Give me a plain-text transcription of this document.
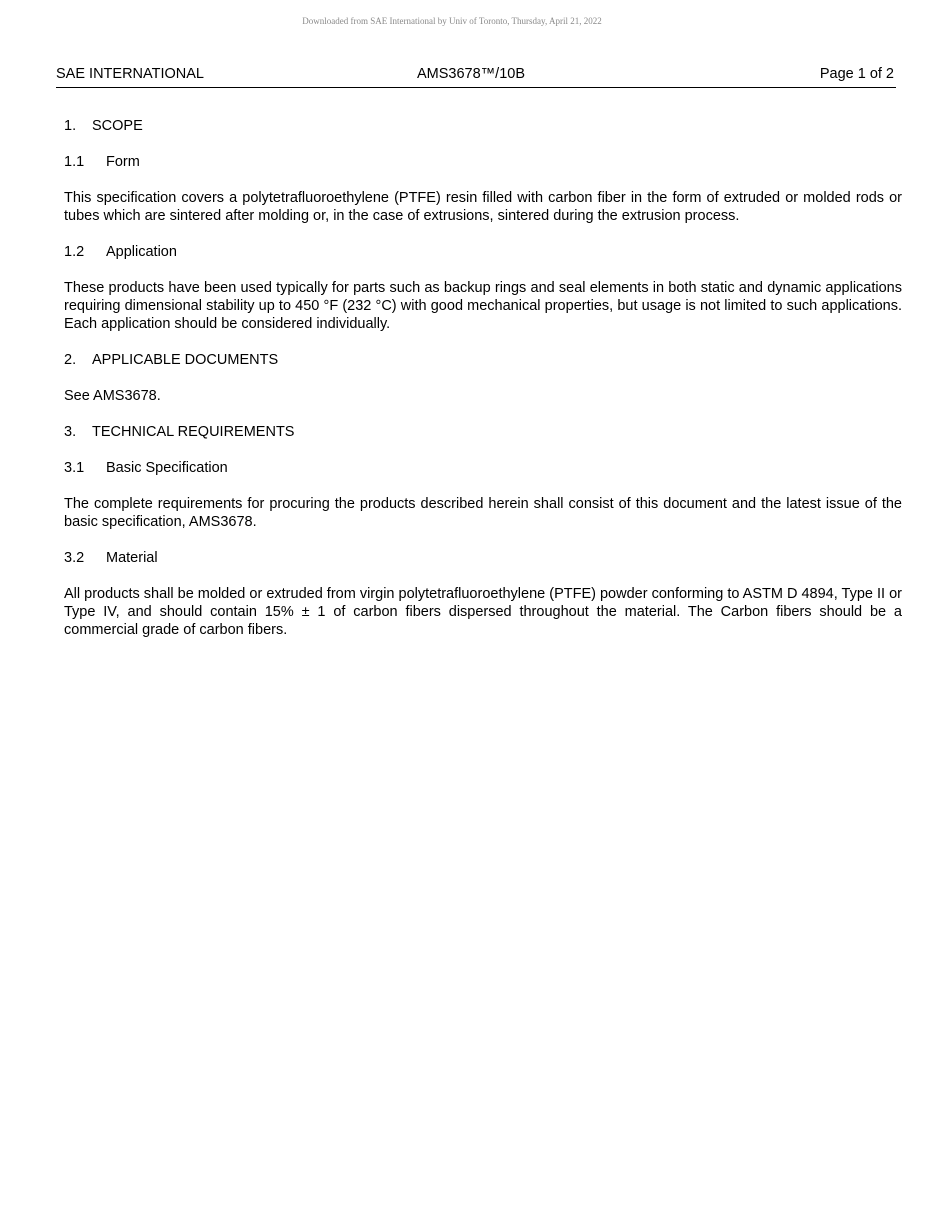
Downloaded from SAE International by Univ of Toronto, Thursday, April 21, 2022
SAE INTERNATIONAL	AMS3678™/10B	Page 1 of 2
1. SCOPE
1.1 Form

This specification covers a polytetrafluoroethylene (PTFE) resin filled with carbon fiber in the form of extruded or molded rods or tubes which are sintered after molding or, in the case of extrusions, sintered during the extrusion process.

1.2 Application

These products have been used typically for parts such as backup rings and seal elements in both static and dynamic applications requiring dimensional stability up to 450 °F (232 °C) with good mechanical properties, but usage is not limited to such applications. Each application should be considered individually.

2. APPLICABLE DOCUMENTS

See AMS3678.

3. TECHNICAL REQUIREMENTS
3.1 Basic Specification

The complete requirements for procuring the products described herein shall consist of this document and the latest issue of the basic specification, AMS3678.

3.2 Material

All products shall be molded or extruded from virgin polytetrafluoroethylene (PTFE) powder conforming to ASTM D 4894, Type II or Type IV, and should contain 15% ± 1 of carbon fibers dispersed throughout the material. The Carbon fibers should be a commercial grade of carbon fibers.
